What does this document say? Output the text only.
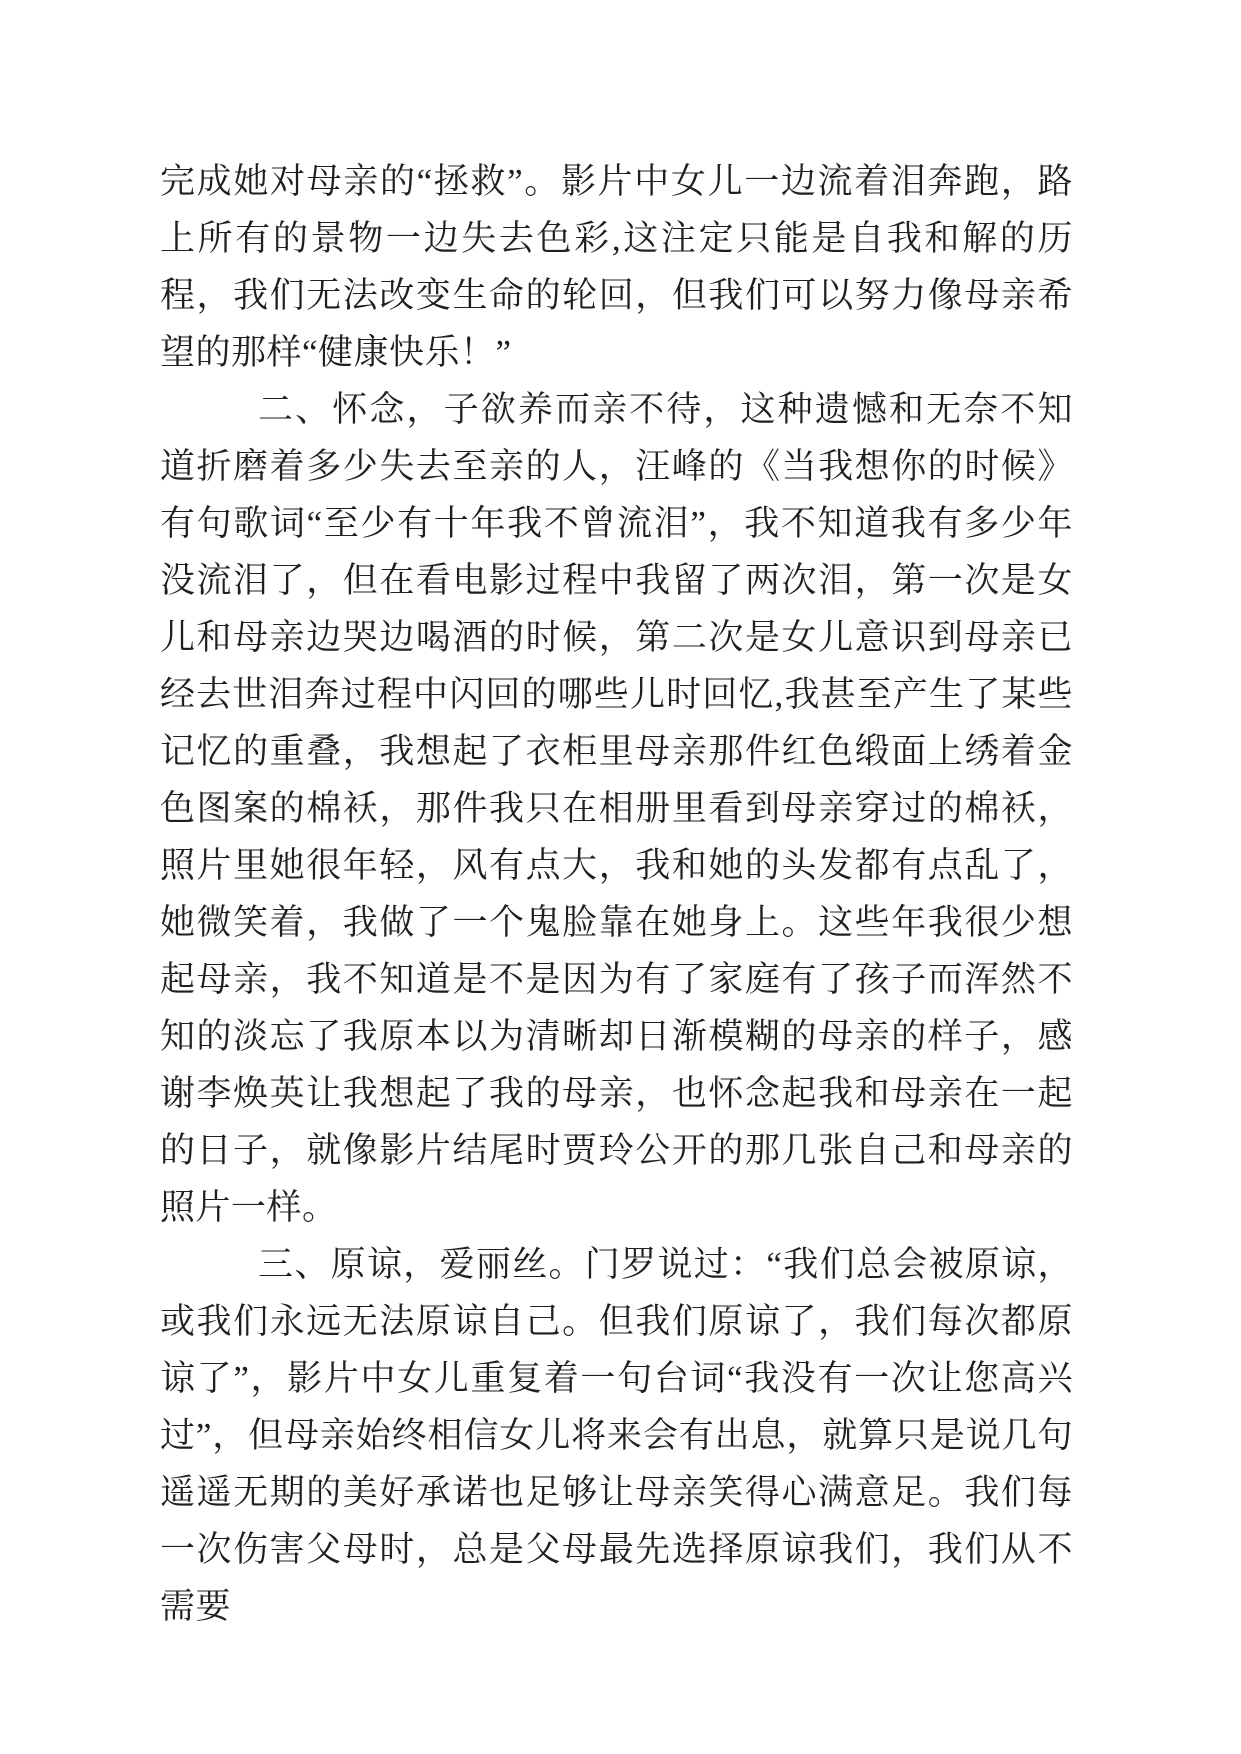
完成她对母亲的“拯救”。影片中女儿一边流着泪奔跑，路上所有的景物一边失去色彩,这注定只能是自我和解的历程，我们无法改变生命的轮回，但我们可以努力像母亲希望的那样“健康快乐！”

二、怀念，子欲养而亲不待，这种遗憾和无奈不知道折磨着多少失去至亲的人，汪峰的《当我想你的时候》有句歌词“至少有十年我不曾流泪”，我不知道我有多少年没流泪了，但在看电影过程中我留了两次泪，第一次是女儿和母亲边哭边喝酒的时候，第二次是女儿意识到母亲已经去世泪奔过程中闪回的哪些儿时回忆,我甚至产生了某些记忆的重叠，我想起了衣柜里母亲那件红色缎面上绣着金色图案的棉袄，那件我只在相册里看到母亲穿过的棉袄，照片里她很年轻，风有点大，我和她的头发都有点乱了，她微笑着，我做了一个鬼脸靠在她身上。这些年我很少想起母亲，我不知道是不是因为有了家庭有了孩子而浑然不知的淡忘了我原本以为清晰却日渐模糊的母亲的样子，感谢李焕英让我想起了我的母亲，也怀念起我和母亲在一起的日子，就像影片结尾时贾玲公开的那几张自己和母亲的照片一样。

三、原谅，爱丽丝。门罗说过：“我们总会被原谅，或我们永远无法原谅自己。但我们原谅了，我们每次都原谅了”，影片中女儿重复着一句台词“我没有一次让您高兴过”，但母亲始终相信女儿将来会有出息，就算只是说几句遥遥无期的美好承诺也足够让母亲笑得心满意足。我们每一次伤害父母时，总是父母最先选择原谅我们，我们从不需要
